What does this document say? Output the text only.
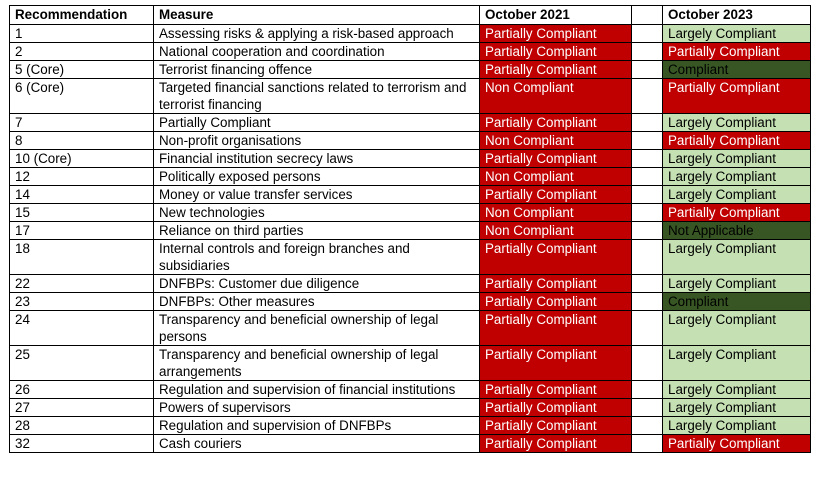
Recommendation	Measure	October 2021		October 2023
1	Assessing risks & applying a risk-based approach	Partially Compliant		Largely Compliant
2	National cooperation and coordination	Partially Compliant		Partially Compliant
5 (Core)	Terrorist financing offence	Partially Compliant		Compliant
6 (Core)	Targeted financial sanctions related to terrorism and terrorist financing	Non Compliant		Partially Compliant
7	Partially Compliant	Partially Compliant		Largely Compliant
8	Non-profit organisations	Non Compliant		Partially Compliant
10 (Core)	Financial institution secrecy laws	Partially Compliant		Largely Compliant
12	Politically exposed persons	Non Compliant		Largely Compliant
14	Money or value transfer services	Partially Compliant		Largely Compliant
15	New technologies	Non Compliant		Partially Compliant
17	Reliance on third parties	Non Compliant		Not Applicable
18	Internal controls and foreign branches and subsidiaries	Partially Compliant		Largely Compliant
22	DNFBPs: Customer due diligence	Partially Compliant		Largely Compliant
23	DNFBPs: Other measures	Partially Compliant		Compliant
24	Transparency and beneficial ownership of legal persons	Partially Compliant		Largely Compliant
25	Transparency and beneficial ownership of legal arrangements	Partially Compliant		Largely Compliant
26	Regulation and supervision of financial institutions	Partially Compliant		Largely Compliant
27	Powers of supervisors	Partially Compliant		Largely Compliant
28	Regulation and supervision of DNFBPs	Partially Compliant		Largely Compliant
32	Cash couriers	Partially Compliant		Partially Compliant
